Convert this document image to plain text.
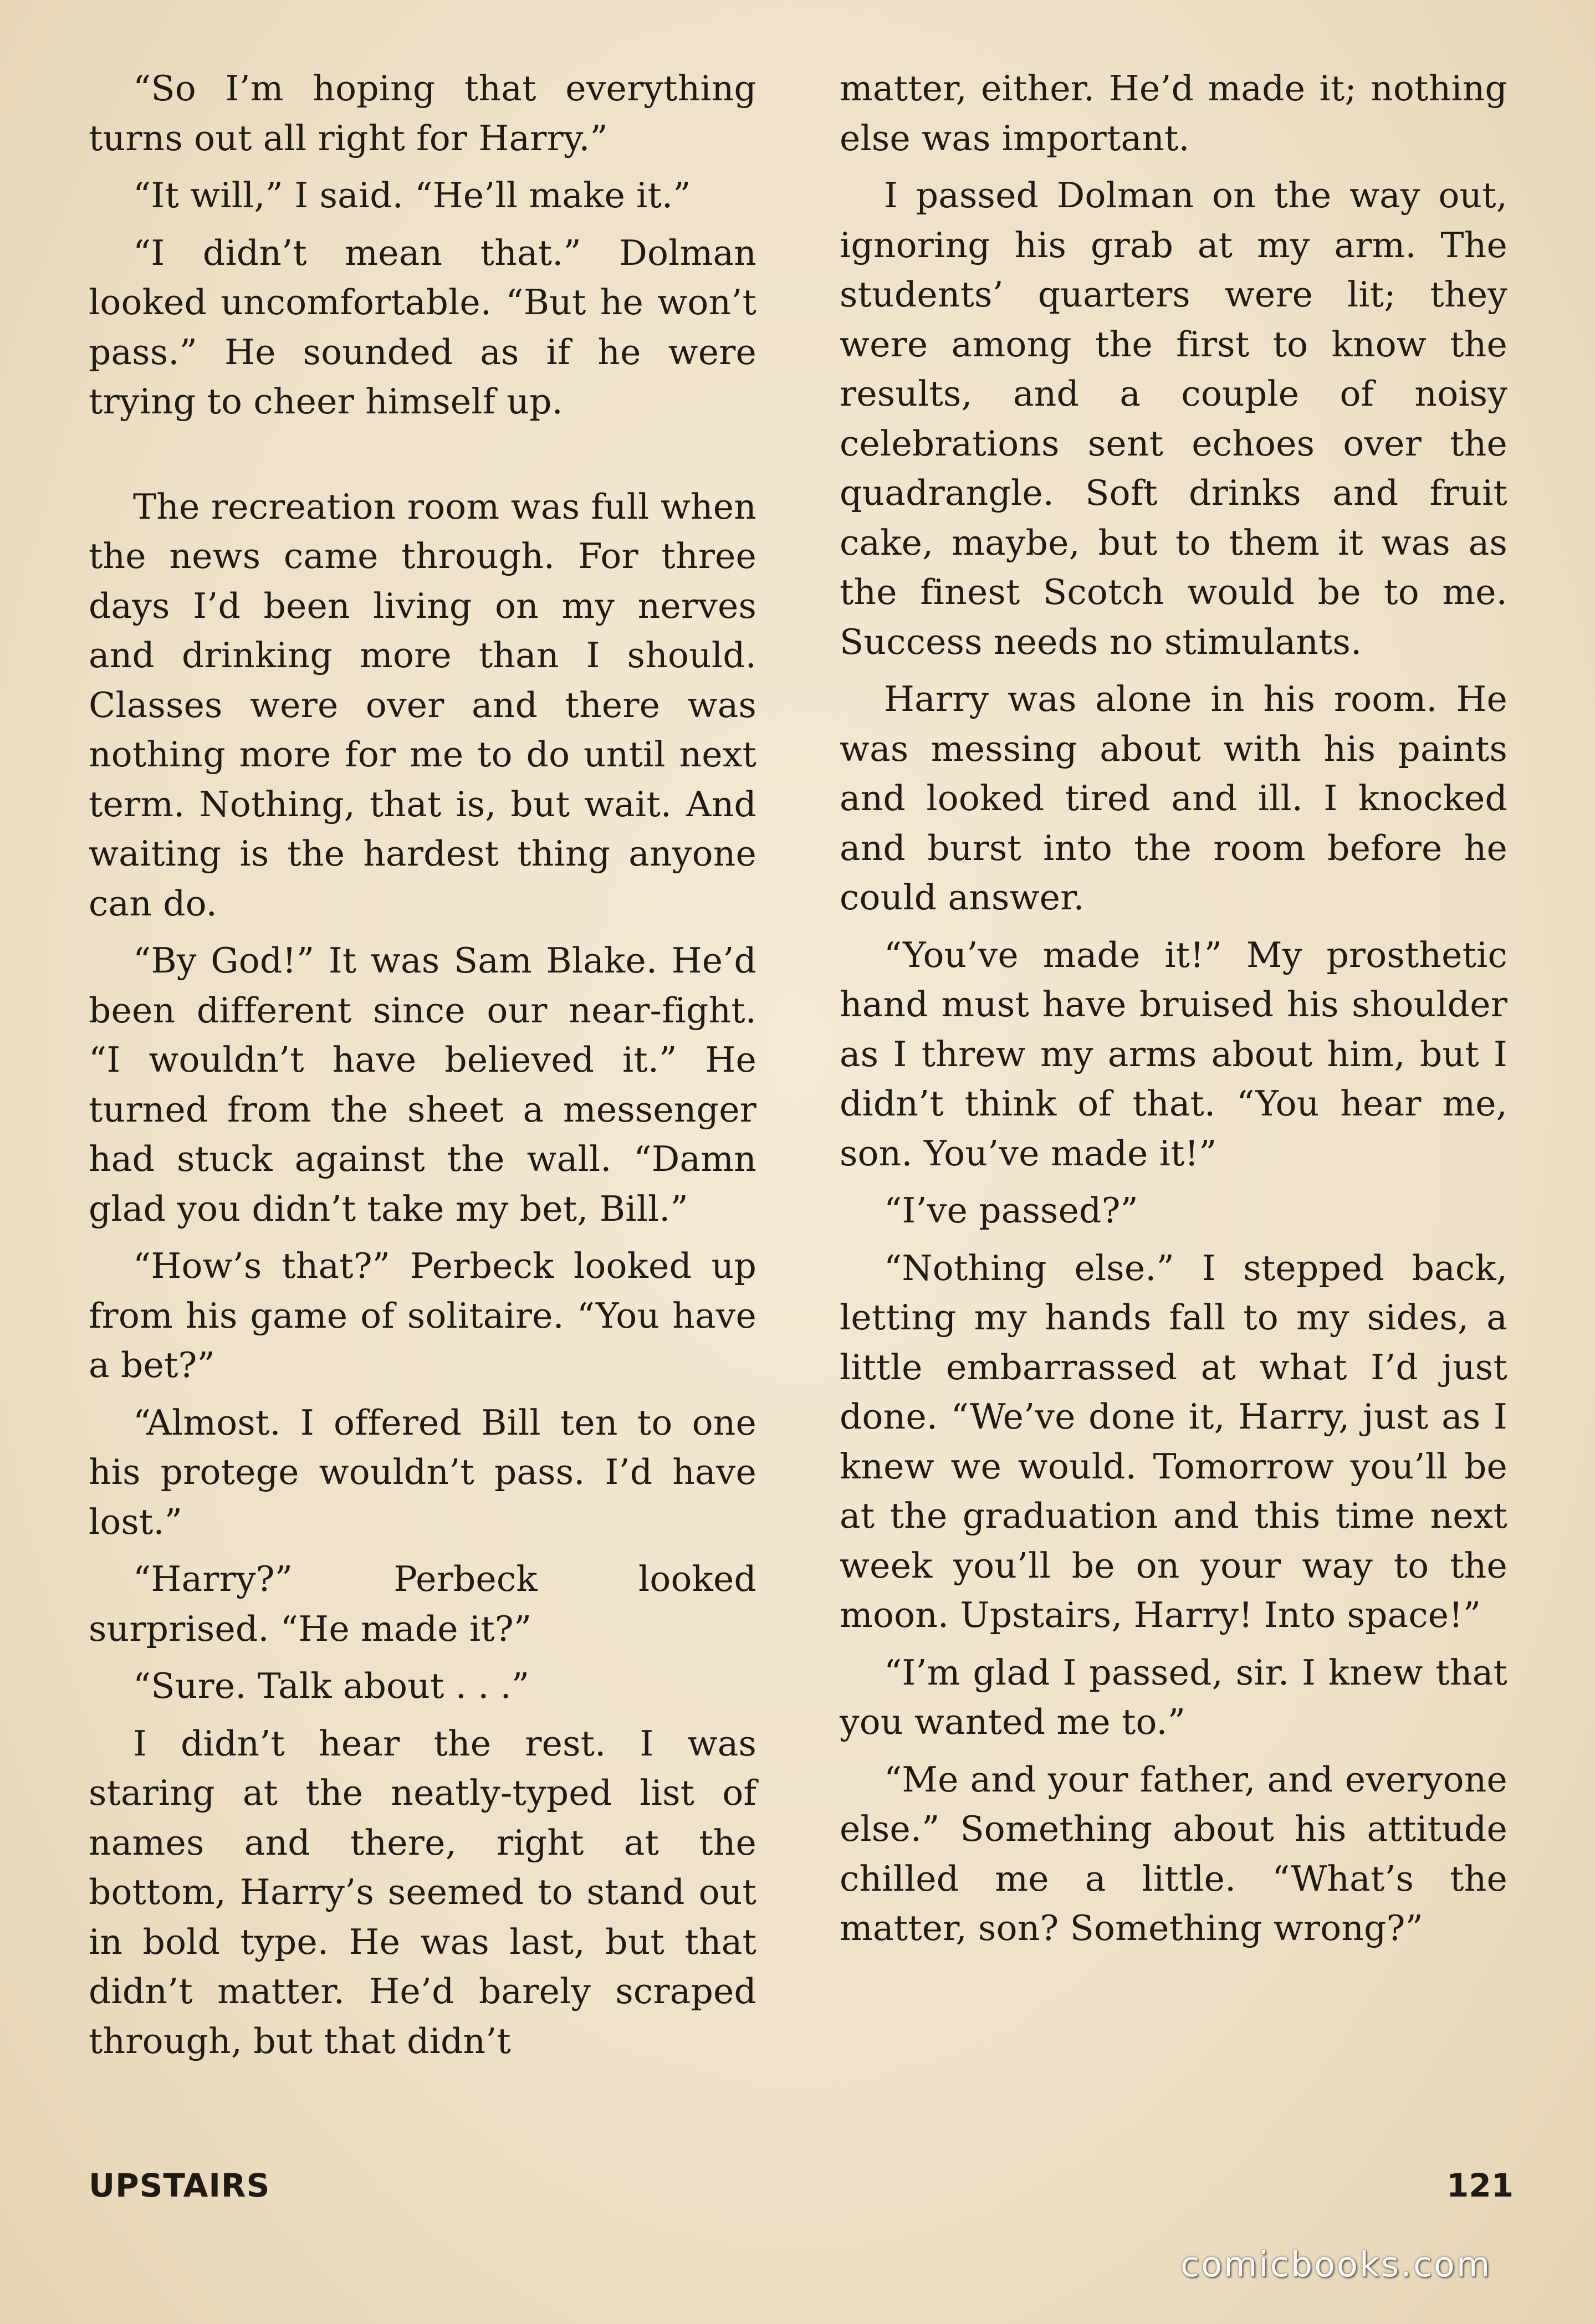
“So I’m hoping that everything turns out all right for Harry.”

“It will,” I said. “He’ll make it.”

“I didn’t mean that.” Dolman looked uncomfortable. “But he won’t pass.” He sounded as if he were trying to cheer himself up.

The recreation room was full when the news came through. For three days I’d been living on my nerves and drinking more than I should. Classes were over and there was nothing more for me to do until next term. Nothing, that is, but wait. And waiting is the hardest thing anyone can do.

“By God!” It was Sam Blake. He’d been different since our near-fight. “I wouldn’t have believed it.” He turned from the sheet a messenger had stuck against the wall. “Damn glad you didn’t take my bet, Bill.”

“How’s that?” Perbeck looked up from his game of solitaire. “You have a bet?”

“Almost. I offered Bill ten to one his protege wouldn’t pass. I’d have lost.”

“Harry?” Perbeck looked surprised. “He made it?”

“Sure. Talk about . . .”

I didn’t hear the rest. I was staring at the neatly-typed list of names and there, right at the bottom, Harry’s seemed to stand out in bold type. He was last, but that didn’t matter. He’d barely scraped through, but that didn’t

matter, either. He’d made it; nothing else was important.

I passed Dolman on the way out, ignoring his grab at my arm. The students’ quarters were lit; they were among the first to know the results, and a couple of noisy celebrations sent echoes over the quadrangle. Soft drinks and fruit cake, maybe, but to them it was as the finest Scotch would be to me. Success needs no stimulants.

Harry was alone in his room. He was messing about with his paints and looked tired and ill. I knocked and burst into the room before he could answer.

“You’ve made it!” My prosthetic hand must have bruised his shoulder as I threw my arms about him, but I didn’t think of that. “You hear me, son. You’ve made it!”

“I’ve passed?”

“Nothing else.” I stepped back, letting my hands fall to my sides, a little embarrassed at what I’d just done. “We’ve done it, Harry, just as I knew we would. Tomorrow you’ll be at the graduation and this time next week you’ll be on your way to the moon. Upstairs, Harry! Into space!”

“I’m glad I passed, sir. I knew that you wanted me to.”

“Me and your father, and everyone else.” Something about his attitude chilled me a little. “What’s the matter, son? Something wrong?”

UPSTAIRS	121
comicbooks.com
